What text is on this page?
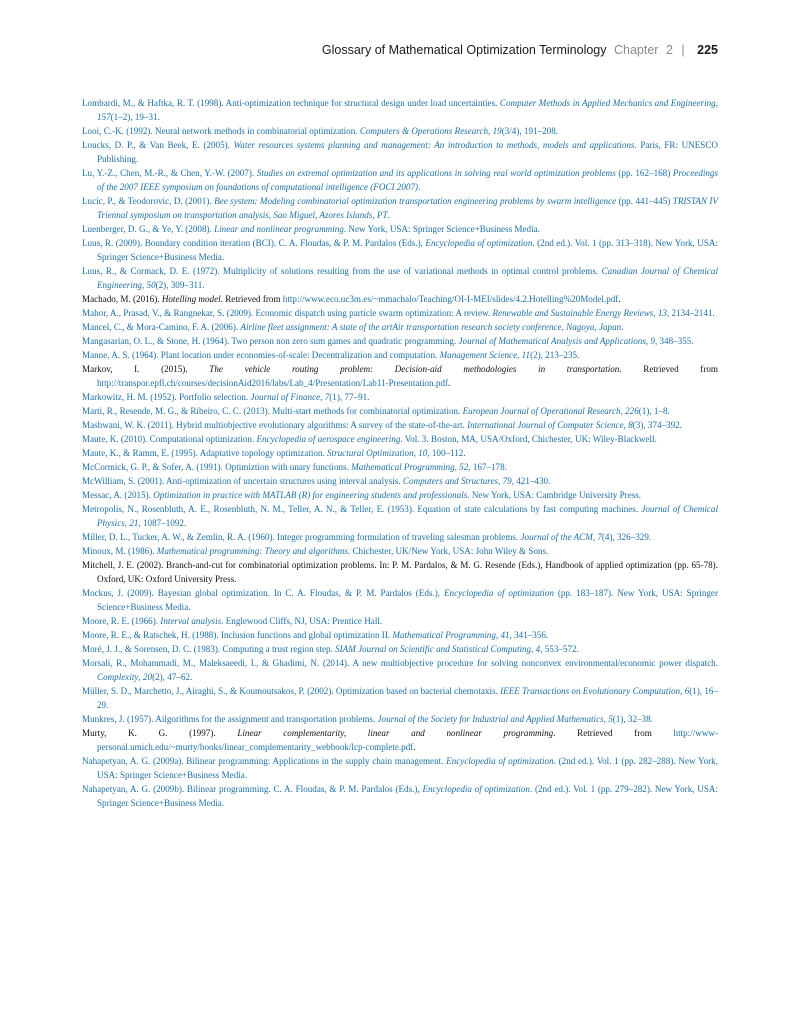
Glossary of Mathematical Optimization Terminology Chapter 2 | 225
Lombardi, M., & Haftka, R. T. (1998). Anti-optimization technique for structural design under load uncertainties. Computer Methods in Applied Mechanics and Engineering, 157(1–2), 19–31.
Looi, C.-K. (1992). Neural network methods in combinatorial optimization. Computers & Operations Research, 19(3/4), 191–208.
Loucks, D. P., & Van Beek, E. (2005). Water resources systems planning and management: An introduction to methods, models and applications. Paris, FR: UNESCO Publishing.
Lu, Y.-Z., Chen, M.-R., & Chen, Y.-W. (2007). Studies on extremal optimization and its applications in solving real world optimization problems (pp. 162–168) Proceedings of the 2007 IEEE symposium on foundations of computational intelligence (FOCI 2007).
Lucic, P., & Teodorovic, D. (2001). Bee system: Modeling combinatorial optimization transportation engineering problems by swarm intelligence (pp. 441–445) TRISTAN IV Triennal symposium on transportation analysis, Sao Miguel, Azores Islands, PT.
Luenberger, D. G., & Ye, Y. (2008). Linear and nonlinear programming. New York, USA: Springer Science+Business Media.
Luus, R. (2009). Boundary condition iteration (BCI). C. A. Floudas, & P. M. Pardalos (Eds.), Encyclopedia of optimization. (2nd ed.). Vol. 1 (pp. 313–318). New York, USA: Springer Science+Business Media.
Luus, R., & Cormack, D. E. (1972). Multiplicity of solutions resulting from the use of variational methods in optimal control problems. Canadian Journal of Chemical Engineering, 50(2), 309–311.
Machado, M. (2016). Hotelling model. Retrieved from http://www.eco.uc3m.es/~mmachalo/Teaching/OI-I-MEI/slides/4.2.Hotelling%20Model.pdf.
Mahor, A., Prasad, V., & Rangnekar, S. (2009). Economic dispatch using particle swarm optimization: A review. Renewable and Sustainable Energy Reviews, 13, 2134–2141.
Mancel, C., & Mora-Camino, F. A. (2006). Airline fleet assignment: A state of the artAir transportation research society conference, Nagoya, Japan.
Mangasarian, O. L., & Stone, H. (1964). Two person non zero sum games and quadratic programming. Journal of Mathematical Analysis and Applications, 9, 348–355.
Manne, A. S. (1964). Plant location under economies-of-scale: Decentralization and computation. Management Science, 11(2), 213–235.
Markov, I. (2015). The vehicle routing problem: Decision-aid methodologies in transportation. Retrieved from http://transpor.epfl.ch/courses/decisionAid2016/labs/Lab_4/Presentation/Lab11-Presentation.pdf.
Markowitz, H. M. (1952). Portfolio selection. Journal of Finance, 7(1), 77–91.
Marti, R., Resende, M. G., & Ribeiro, C. C. (2013). Multi-start methods for combinatorial optimization. European Journal of Operational Research, 226(1), 1–8.
Mashwani, W. K. (2011). Hybrid multiobjective evolutionary algorithms: A survey of the state-of-the-art. International Journal of Computer Science, 8(3), 374–392.
Maute, K. (2010). Computational optimization. Encyclopedia of aerospace engineering. Vol. 3. Boston, MA, USA/Oxford, Chichester, UK: Wiley-Blackwell.
Maute, K., & Ramm, E. (1995). Adaptative topology optimization. Structural Optimization, 10, 100–112.
McCormick, G. P., & Sofer, A. (1991). Optimiztion with unary functions. Mathematical Programming, 52, 167–178.
McWilliam, S. (2001). Anti-optimization of uncertain structures using interval analysis. Computers and Structures, 79, 421–430.
Messac, A. (2015). Optimization in practice with MATLAB (R) for engineering students and professionals. New York, USA: Cambridge University Press.
Metropolis, N., Rosenbluth, A. E., Rosenbluth, N. M., Teller, A. N., & Teller, E. (1953). Equation of state calculations by fast computing machines. Journal of Chemical Physics, 21, 1087–1092.
Miller, D. L., Tucker, A. W., & Zemlin, R. A. (1960). Integer programming formulation of traveling salesman problems. Journal of the ACM, 7(4), 326–329.
Minoux, M. (1986). Mathematical programming: Theory and algorithms. Chichester, UK/New York, USA: John Wiley & Sons.
Mitchell, J. E. (2002). Branch-and-cut for combinatorial optimization problems. In: P. M. Pardalos, & M. G. Resende (Eds.), Handbook of applied optimization (pp. 65-78). Oxford, UK: Oxford University Press.
Mockus, J. (2009). Bayesian global optimization. In C. A. Floudas, & P. M. Pardalos (Eds.), Encyclopedia of optimization (pp. 183–187). New York, USA: Springer Science+Business Media.
Moore, R. E. (1966). Interval analysis. Englewood Cliffs, NJ, USA: Prentice Hall.
Moore, R. E., & Ratschek, H. (1988). Inclusion functions and global optimization II. Mathematical Programming, 41, 341–356.
Moré, J. J., & Sorensen, D. C. (1983). Computing a trust region step. SIAM Journal on Scientific and Statistical Computing, 4, 553–572.
Morsali, R., Mohammadi, M., Maleksaeedi, I., & Ghadimi, N. (2014). A new multiobjective procedure for solving nonconvex environmental/economic power dispatch. Complexity, 20(2), 47–62.
Müller, S. D., Marchetto, J., Airaghi, S., & Koumoutsakos, P. (2002). Optimization based on bacterial chemotaxis. IEEE Transactions on Evolutionary Computation, 6(1), 16–29.
Munkres, J. (1957). Ailgorithms for the assignment and transportation problems. Journal of the Society for Industrial and Applied Mathematics, 5(1), 32–38.
Murty, K. G. (1997). Linear complementarity, linear and nonlinear programming. Retrieved from http://www-personal.umich.edu/~murty/books/linear_complementarity_webbook/lcp-complete.pdf.
Nahapetyan, A. G. (2009a). Bilinear programming: Applications in the supply chain management. Encyclopedia of optimization. (2nd ed.). Vol. 1 (pp. 282–288). New York, USA: Springer Science+Business Media.
Nahapetyan, A. G. (2009b). Bilinear programming. C. A. Floudas, & P. M. Pardalos (Eds.), Encyclopedia of optimization. (2nd ed.). Vol. 1 (pp. 279–282). New York, USA: Springer Science+Business Media.
